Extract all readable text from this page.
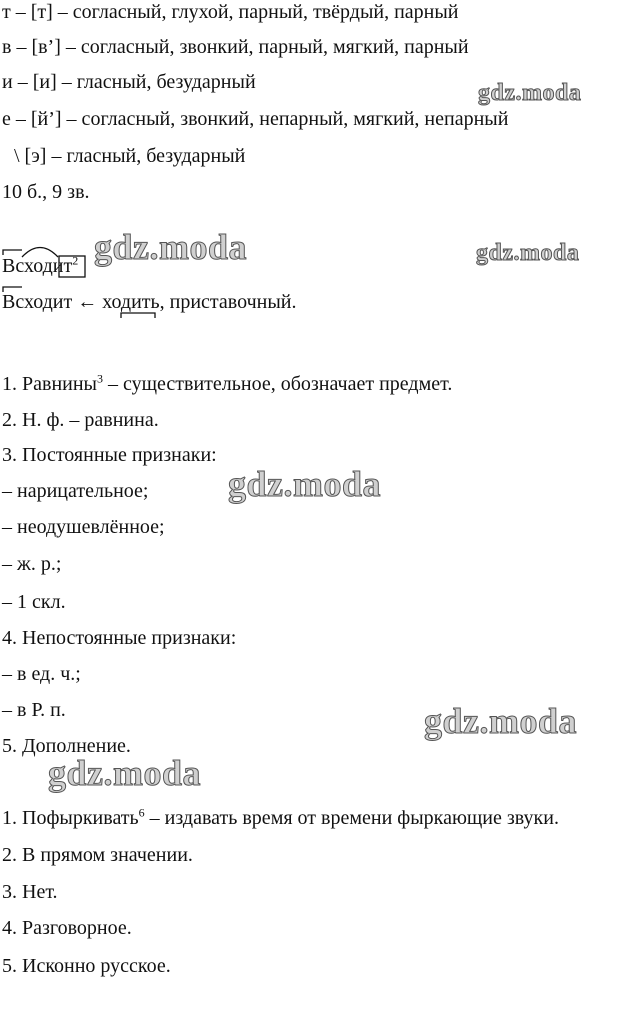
т – [т] – согласный, глухой, парный, твёрдый, парный
в – [в’] – согласный, звонкий, парный, мягкий, парный
и – [и] – гласный, безударный
е – [й’] – согласный, звонкий, непарный, мягкий, непарный
\ [э] – гласный, безударный
10 б., 9 зв.
Всходит$^2$
Всходит ← ходить, приставочный.
1. Равнины$^3$ – существительное, обозначает предмет.
2. Н. ф. – равнина.
3. Постоянные признаки:
– нарицательное;
– неодушевлённое;
– ж. р.;
– 1 скл.
4. Непостоянные признаки:
– в ед. ч.;
– в Р. п.
5. Дополнение.
1. Пофыркивать$^6$ – издавать время от времени фыркающие звуки.
2. В прямом значении.
3. Нет.
4. Разговорное.
5. Исконно русское.
gdz.moda
gdz.moda	gdz.moda
gdz.moda
gdz.moda
gdz.moda
